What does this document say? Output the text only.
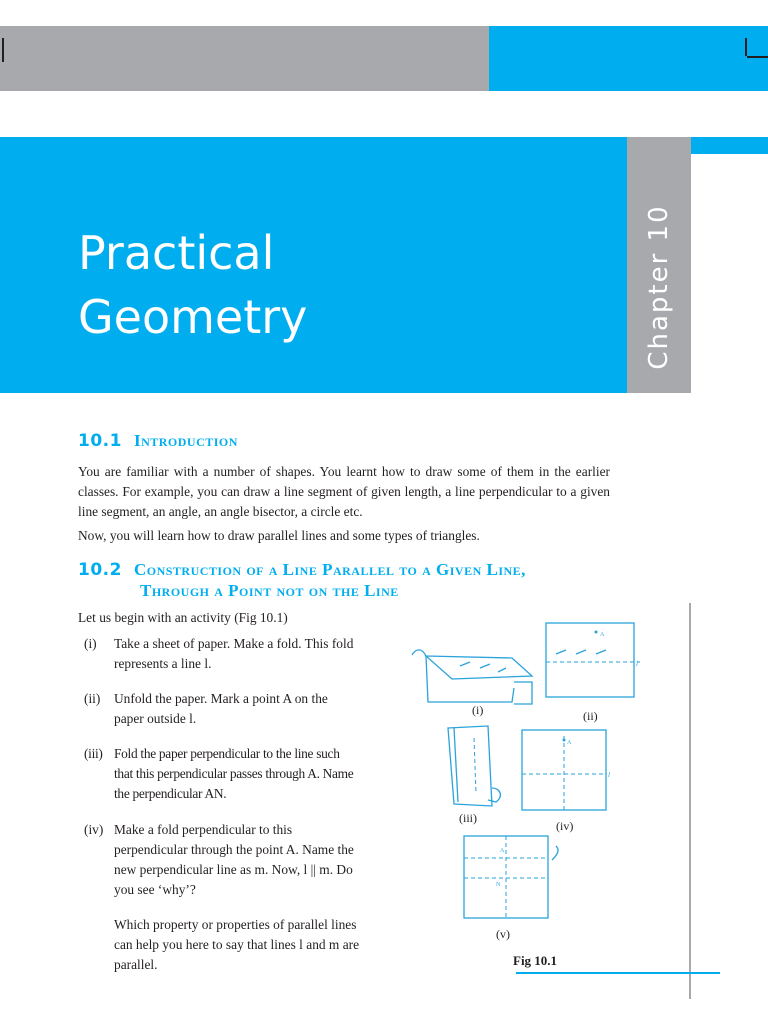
Chapter 10
Practical
Geometry
10.1 Introduction
You are familiar with a number of shapes. You learnt how to draw some of them in the earlier classes. For example, you can draw a line segment of given length, a line perpendicular to a given line segment, an angle, an angle bisector, a circle etc.
Now, you will learn how to draw parallel lines and some types of triangles.
10.2 Construction of a Line Parallel to a Given Line,
Through a Point not on the Line
Let us begin with an activity (Fig 10.1)
(i)	Take a sheet of paper. Make a fold. This fold represents a line l.
(ii)	Unfold the paper. Mark a point A on the paper outside l.
(iii) Fold the paper perpendicular to the line such that this perpendicular passes through A. Name the perpendicular AN.
(iv) Make a fold perpendicular to this perpendicular through the point A. Name the new perpendicular line as m. Now, l || m. Do you see ‘why’?
Which property or properties of parallel lines can help you here to say that lines l and m are parallel.
A
l
A
l
A
N
(i)	(ii)
(iii)
(iv)
(v)
Fig 10.1
